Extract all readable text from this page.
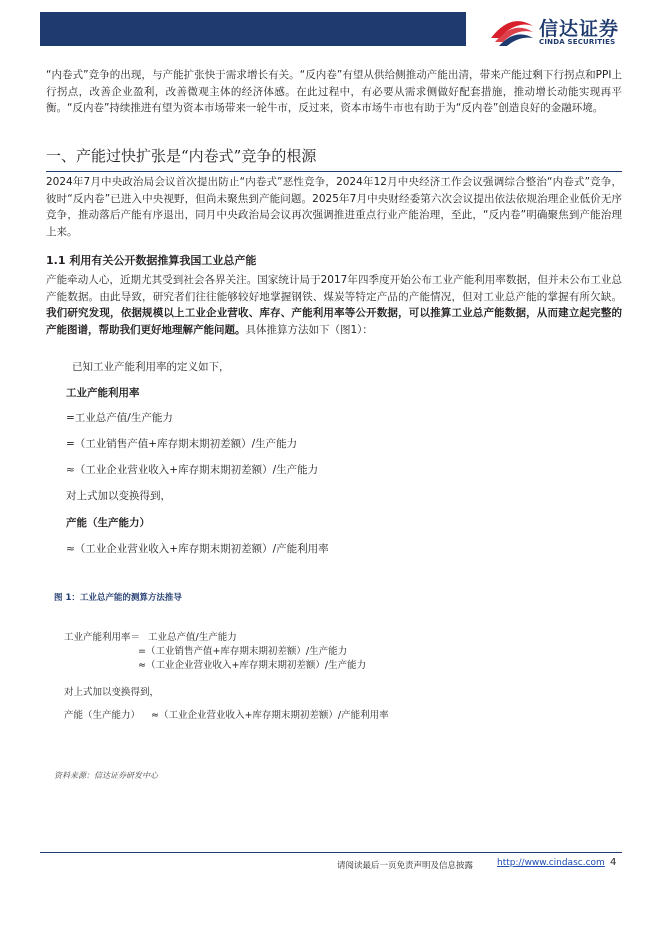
信达证券
CINDA SECURITIES

“内卷式”竞争的出现，与产能扩张快于需求增长有关。“反内卷”有望从供给侧推动产能出清，带来产能过剩下行拐点和PPI上行拐点，改善企业盈利，改善微观主体的经济体感。在此过程中，有必要从需求侧做好配套措施，推动增长动能实现再平衡。“反内卷”持续推进有望为资本市场带来一轮牛市，反过来，资本市场牛市也有助于为“反内卷”创造良好的金融环境。

一、产能过快扩张是“内卷式”竞争的根源

2024年7月中央政治局会议首次提出防止“内卷式”恶性竞争，2024年12月中央经济工作会议强调综合整治“内卷式”竞争，彼时“反内卷”已进入中央视野，但尚未聚焦到产能问题。2025年7月中央财经委第六次会议提出依法依规治理企业低价无序竞争，推动落后产能有序退出，同月中央政治局会议再次强调推进重点行业产能治理，至此，“反内卷”明确聚焦到产能治理上来。

1.1 利用有关公开数据推算我国工业总产能

产能牵动人心，近期尤其受到社会各界关注。国家统计局于2017年四季度开始公布工业产能利用率数据，但并未公布工业总产能数据。由此导致，研究者们往往能够较好地掌握钢铁、煤炭等特定产品的产能情况，但对工业总产能的掌握有所欠缺。我们研究发现，依据规模以上工业企业营收、库存、产能利用率等公开数据，可以推算工业总产能数据，从而建立起完整的产能图谱，帮助我们更好地理解产能问题。具体推算方法如下（图1）：

已知工业产能利用率的定义如下，
工业产能利用率
=工业总产值/生产能力
=（工业销售产值+库存期末期初差额）/生产能力
≈（工业企业营业收入+库存期末期初差额）/生产能力
对上式加以变换得到，
产能（生产能力）
≈（工业企业营业收入+库存期末期初差额）/产能利用率
图 1：工业总产能的测算方法推导
工业产能利用率＝ 工业总产值/生产能力
=（工业销售产值+库存期末期初差额）/生产能力
≈（工业企业营业收入+库存期末期初差额）/生产能力
对上式加以变换得到，
产能（生产能力） ≈（工业企业营业收入+库存期末期初差额）/产能利用率
资料来源：信达证券研发中心
请阅读最后一页免责声明及信息披露	http://www.cindasc.com 4
